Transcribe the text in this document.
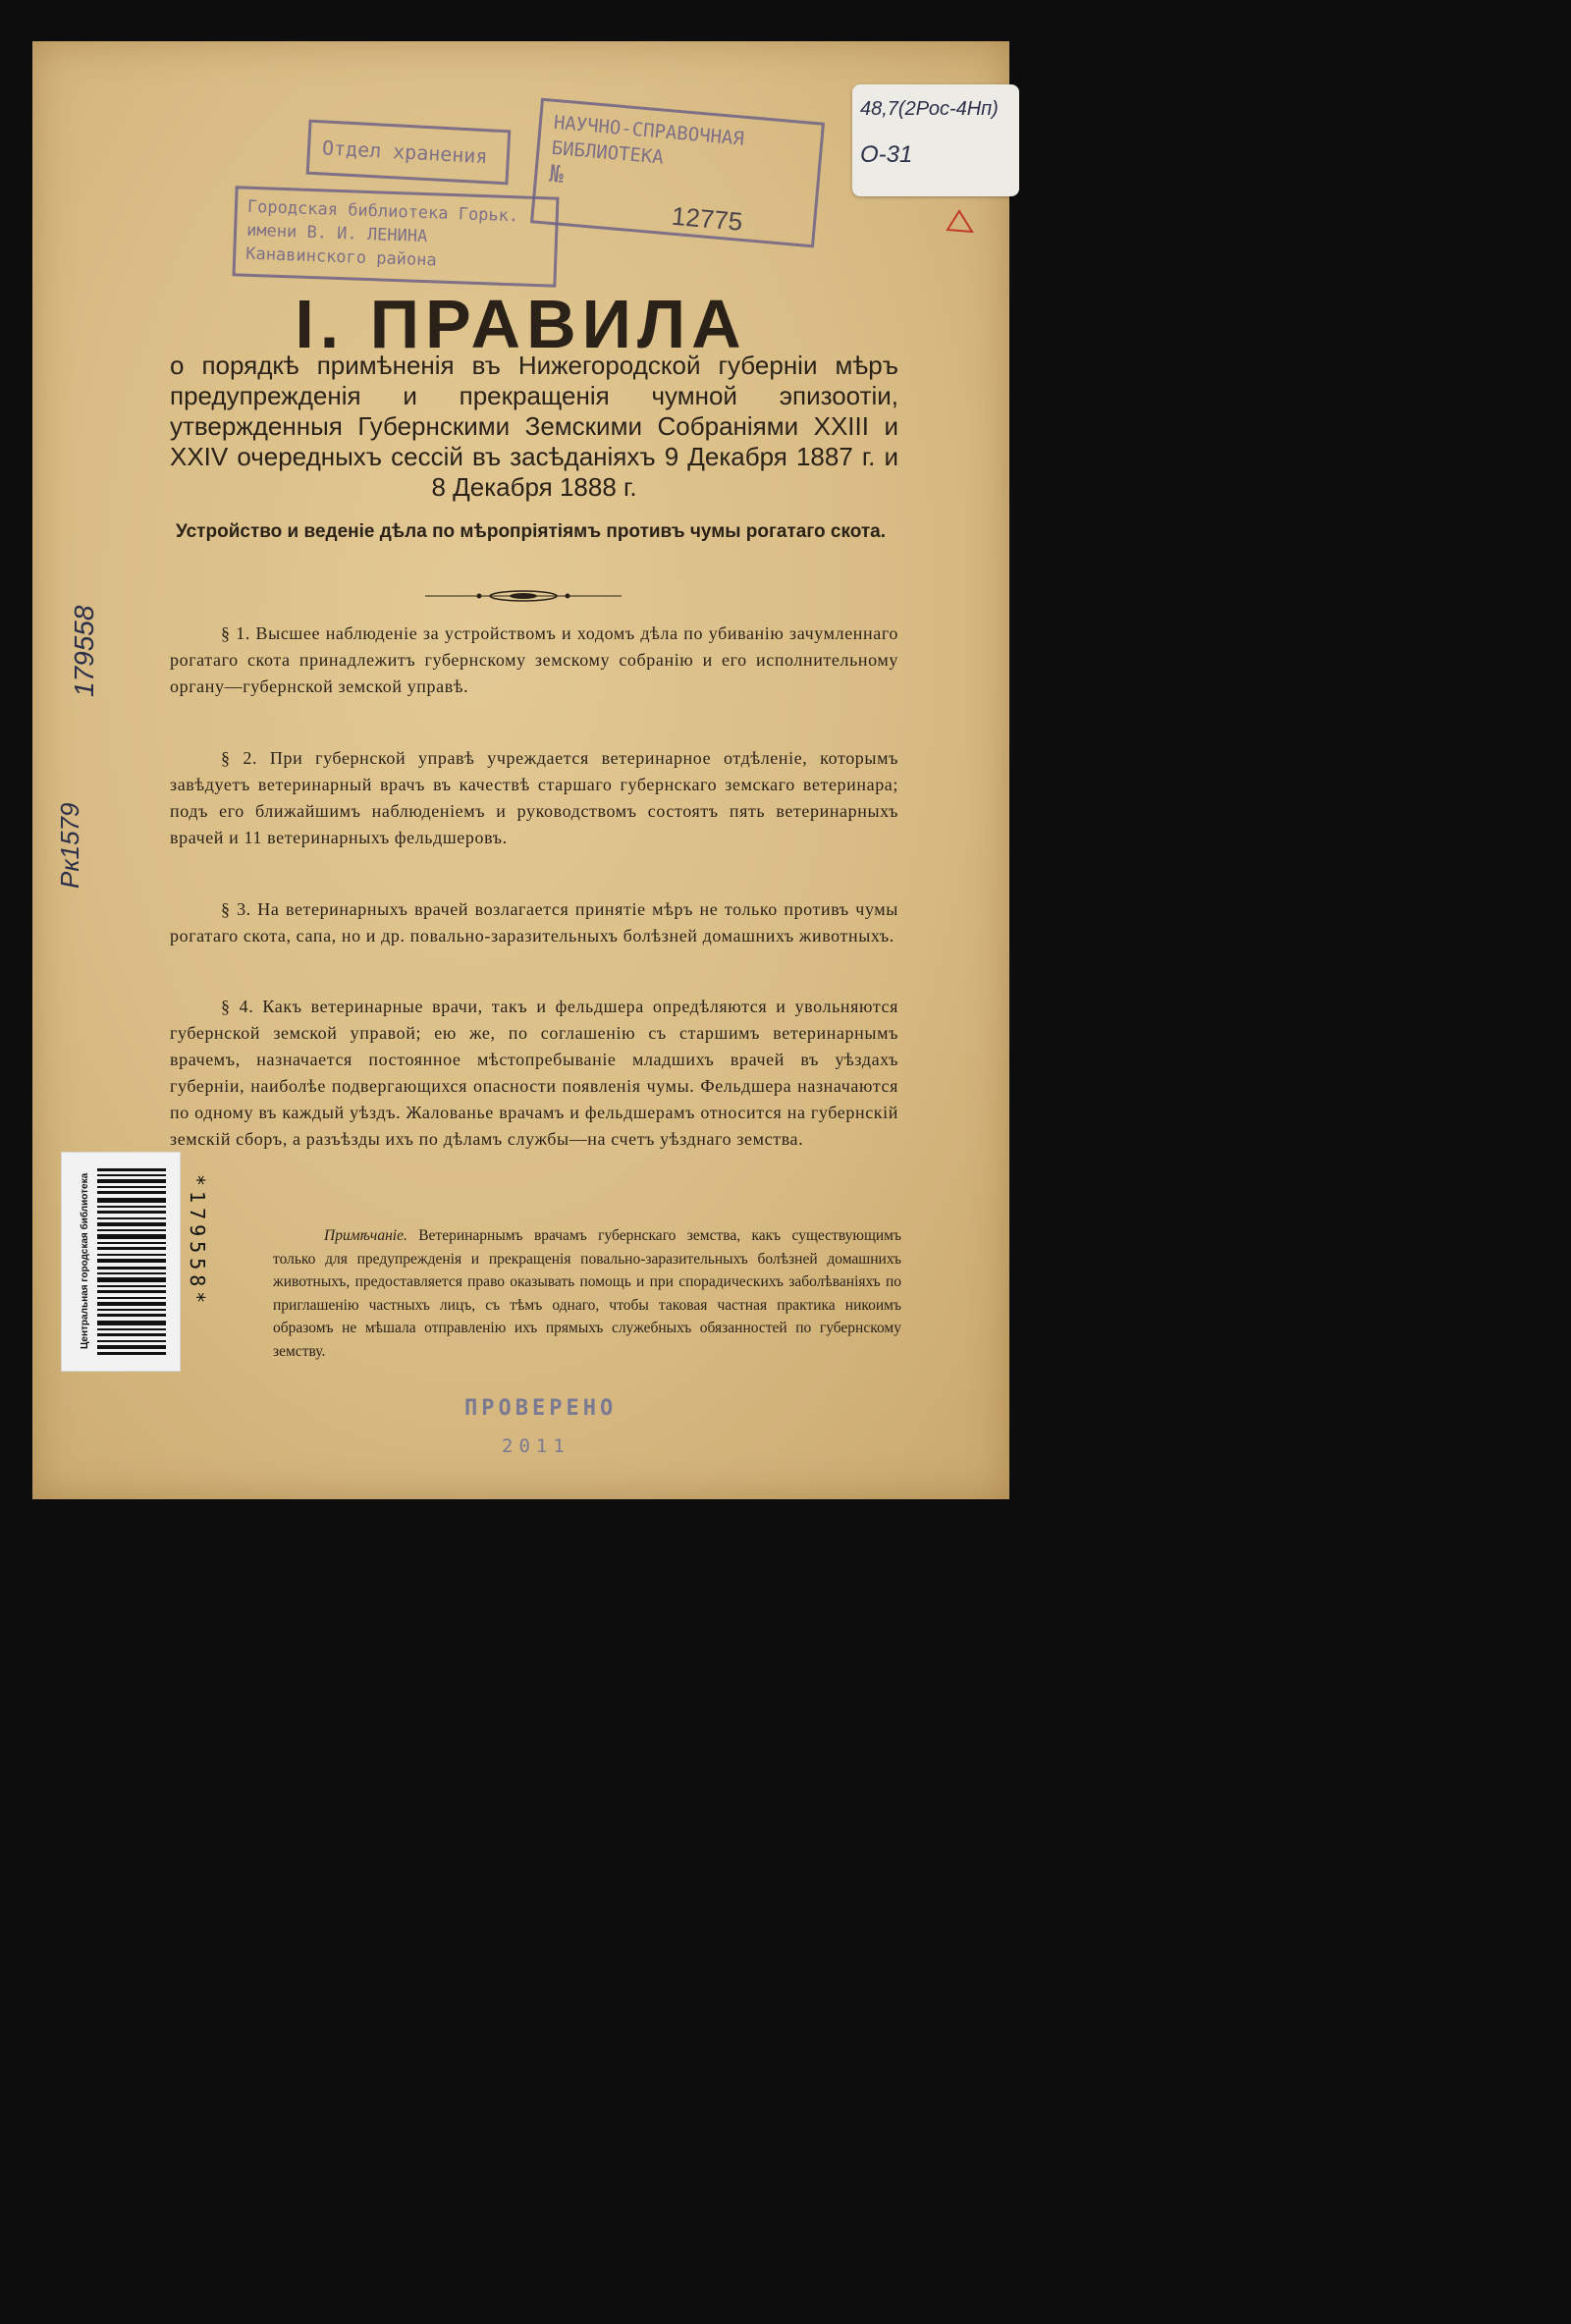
Отдел хранения
Городская библиотека Горьк.
имени В. И. ЛЕНИНА
Канавинского района
НАУЧНО-СПРАВОЧНАЯ БИБЛИОТЕКА
№
12775
48,7(2Рос-4Нп)
О-31
I. ПРАВИЛА
о порядкѣ примѣненія въ Нижегородской губерніи мѣръ предупрежденія и прекращенія чумной эпизоотіи, утвержденныя Губернскими Земскими Собраніями XXIII и XXIV очередныхъ сессій въ засѣданіяхъ 9 Декабря 1887 г. и 8 Декабря 1888 г.
Устройство и веденіе дѣла по мѣропріятіямъ противъ чумы рогатаго скота.
§ 1. Высшее наблюденіе за устройствомъ и ходомъ дѣла по убиванію зачумленнаго рогатаго скота принадлежитъ губернскому земскому собранію и его исполнительному органу—губернской земской управѣ.
§ 2. При губернской управѣ учреждается ветеринарное отдѣленіе, которымъ завѣдуетъ ветеринарный врачъ въ качествѣ старшаго губернскаго земскаго ветеринара; подъ его ближайшимъ наблюденіемъ и руководствомъ состоятъ пять ветеринарныхъ врачей и 11 ветеринарныхъ фельдшеровъ.
§ 3. На ветеринарныхъ врачей возлагается принятіе мѣръ не только противъ чумы рогатаго скота, сапа, но и др. повально-заразительныхъ болѣзней домашнихъ животныхъ.
§ 4. Какъ ветеринарные врачи, такъ и фельдшера опредѣляются и увольняются губернской земской управой; ею же, по соглашенію съ старшимъ ветеринарнымъ врачемъ, назначается постоянное мѣстопребываніе младшихъ врачей въ уѣздахъ губерніи, наиболѣе подвергающихся опасности появленія чумы. Фельдшера назначаются по одному въ каждый уѣздъ. Жалованье врачамъ и фельдшерамъ относится на губернскій земскій сборъ, а разъѣзды ихъ по дѣламъ службы—на счетъ уѣзднаго земства.
Примѣчаніе. Ветеринарнымъ врачамъ губернскаго земства, какъ существующимъ только для предупрежденія и прекращенія повально-заразительныхъ болѣзней домашнихъ животныхъ, предоставляется право оказывать помощь и при спорадическихъ заболѣваніяхъ по приглашенію частныхъ лицъ, съ тѣмъ однаго, чтобы таковая частная практика никоимъ образомъ не мѣшала отправленію ихъ прямыхъ служебныхъ обязанностей по губернскому земству.
ПРОВЕРЕНО
2011
179558
Рк1579
Центральная городская библиотека	*179558*
